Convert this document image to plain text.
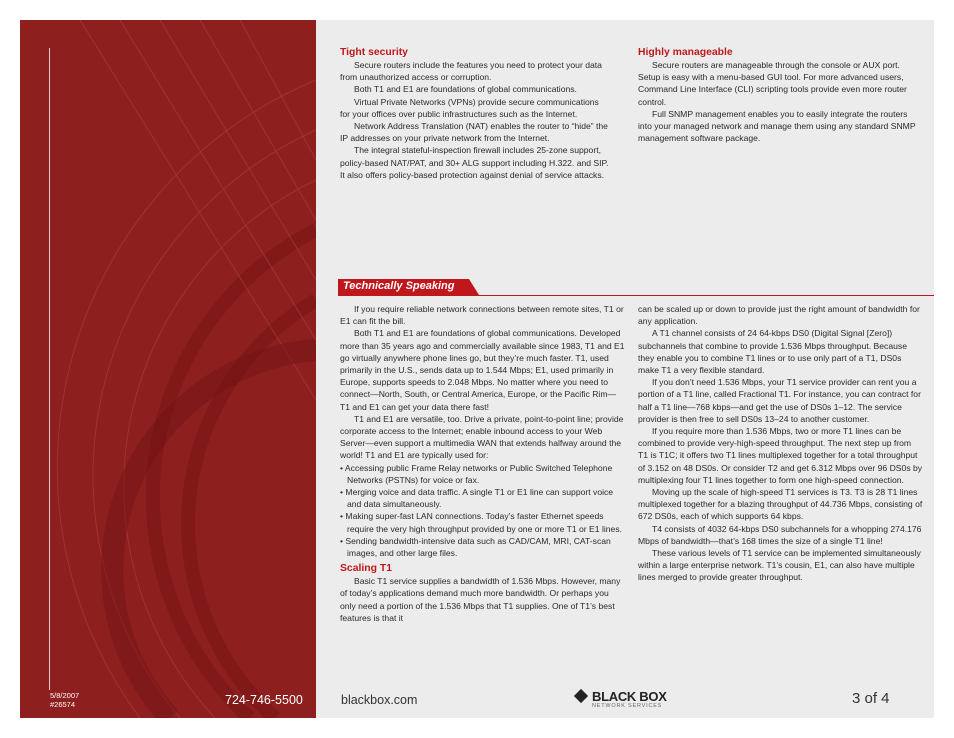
Tight security

Secure routers include the features you need to protect your data from unauthorized access or corruption.

Both T1 and E1 are foundations of global communications.

Virtual Private Networks (VPNs) provide secure communications for your offices over public infrastructures such as the Internet.

Network Address Translation (NAT) enables the router to “hide” the IP addresses on your private network from the Internet.

The integral stateful-inspection firewall includes 25-zone support, policy-based NAT/PAT, and 30+ ALG support including H.322. and SIP. It also offers policy-based protection against denial of service attacks.

Highly manageable

Secure routers are manageable through the console or AUX port. Setup is easy with a menu-based GUI tool. For more advanced users, Command Line Interface (CLI) scripting tools provide even more router control.

Full SNMP management enables you to easily integrate the routers into your managed network and manage them using any standard SNMP management software package.

Technically Speaking

If you require reliable network connections between remote sites, T1 or E1 can fit the bill.

Both T1 and E1 are foundations of global communications. Developed more than 35 years ago and commercially available since 1983, T1 and E1 go virtually anywhere phone lines go, but they’re much faster. T1, used primarily in the U.S., sends data up to 1.544 Mbps; E1, used primarily in Europe, supports speeds to 2.048 Mbps. No matter where you need to connect—North, South, or Central America, Europe, or the Pacific Rim—T1 and E1 can get your data there fast!

T1 and E1 are versatile, too. Drive a private, point-to-point line; provide corporate access to the Internet; enable inbound access to your Web Server—even support a multimedia WAN that extends halfway around the world! T1 and E1 are typically used for:

• Accessing public Frame Relay networks or Public Switched Telephone Networks (PSTNs) for voice or fax.
• Merging voice and data traffic. A single T1 or E1 line can support voice and data simultaneously.
• Making super-fast LAN connections. Today’s faster Ethernet speeds require the very high throughput provided by one or more T1 or E1 lines.
• Sending bandwidth-intensive data such as CAD/CAM, MRI, CAT-scan images, and other large files.
Scaling T1

Basic T1 service supplies a bandwidth of 1.536 Mbps. However, many of today’s applications demand much more bandwidth. Or perhaps you only need a portion of the 1.536 Mbps that T1 supplies. One of T1’s best features is that it

can be scaled up or down to provide just the right amount of bandwidth for any application.

A T1 channel consists of 24 64-kbps DS0 (Digital Signal [Zero]) subchannels that combine to provide 1.536 Mbps throughput. Because they enable you to combine T1 lines or to use only part of a T1, DS0s make T1 a very flexible standard.

If you don’t need 1.536 Mbps, your T1 service provider can rent you a portion of a T1 line, called Fractional T1. For instance, you can contract for half a T1 line—768 kbps—and get the use of DS0s 1–12. The service provider is then free to sell DS0s 13–24 to another customer.

If you require more than 1.536 Mbps, two or more T1 lines can be combined to provide very-high-speed throughput. The next step up from T1 is T1C; it offers two T1 lines multiplexed together for a total throughput of 3.152 on 48 DS0s. Or consider T2 and get 6.312 Mbps over 96 DS0s by multiplexing four T1 lines together to form one high-speed connection.

Moving up the scale of high-speed T1 services is T3. T3 is 28 T1 lines multiplexed together for a blazing throughput of 44.736 Mbps, consisting of 672 DS0s, each of which supports 64 kbps.

T4 consists of 4032 64-kbps DS0 subchannels for a whopping 274.176 Mbps of bandwidth—that’s 168 times the size of a single T1 line!

These various levels of T1 service can be implemented simultaneously within a large enterprise network. T1’s cousin, E1, can also have multiple lines merged to provide greater throughput.

5/8/2007
#26574	724-746-5500	blackbox.com	BLACK BOX
NETWORK SERVICES	3 of 4
